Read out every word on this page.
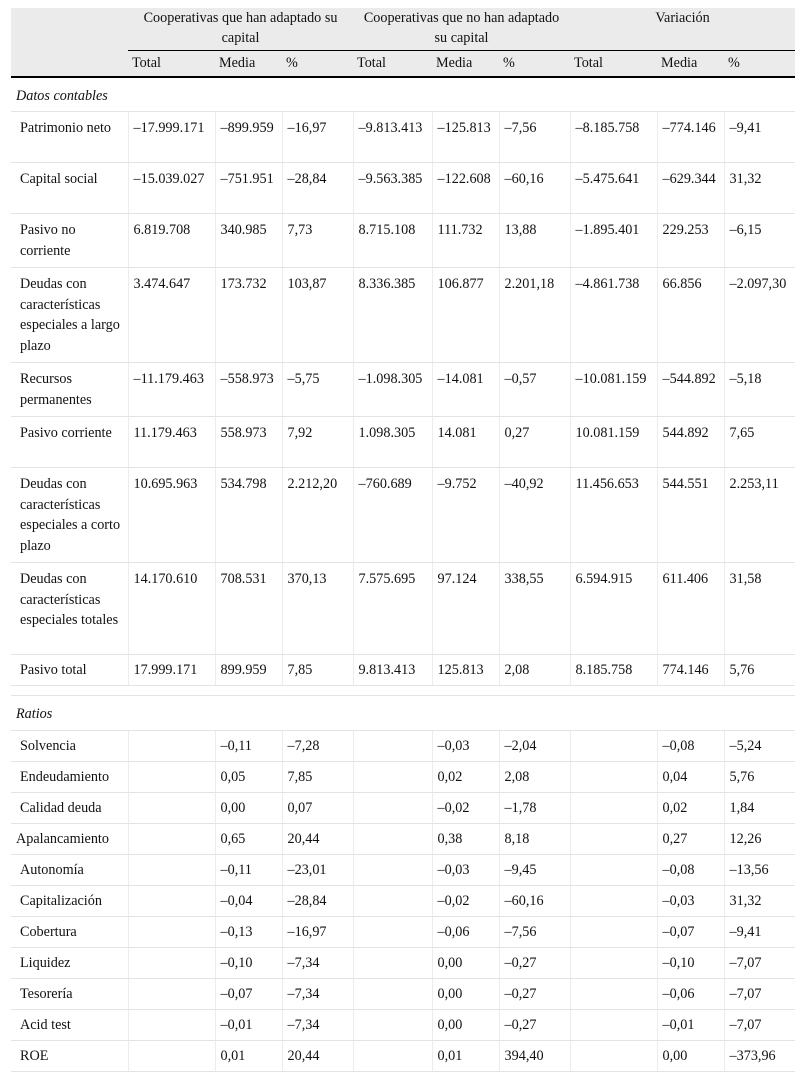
	Cooperativas que han adaptado su capital			Cooperativas que no han adaptado su capital			Variación		
	Total	Media	%	Total	Media	%	Total	Media	%
Datos contables									
Patrimonio neto	–17.999.171	–899.959	–16,97	–9.813.413	–125.813	–7,56	–8.185.758	–774.146	–9,41
Capital social	–15.039.027	–751.951	–28,84	–9.563.385	–122.608	–60,16	–5.475.641	–629.344	31,32
Pasivo no corriente	6.819.708	340.985	7,73	8.715.108	111.732	13,88	–1.895.401	229.253	–6,15
Deudas con características especiales a largo plazo	3.474.647	173.732	103,87	8.336.385	106.877	2.201,18	–4.861.738	66.856	–2.097,30
Recursos permanentes	–11.179.463	–558.973	–5,75	–1.098.305	–14.081	–0,57	–10.081.159	–544.892	–5,18
Pasivo corriente	11.179.463	558.973	7,92	1.098.305	14.081	0,27	10.081.159	544.892	7,65
Deudas con características especiales a corto plazo	10.695.963	534.798	2.212,20	–760.689	–9.752	–40,92	11.456.653	544.551	2.253,11
Deudas con características especiales totales	14.170.610	708.531	370,13	7.575.695	97.124	338,55	6.594.915	611.406	31,58
Pasivo total	17.999.171	899.959	7,85	9.813.413	125.813	2,08	8.185.758	774.146	5,76

Ratios									
Solvencia		–0,11	–7,28		–0,03	–2,04		–0,08	–5,24
Endeudamiento		0,05	7,85		0,02	2,08		0,04	5,76
Calidad deuda		0,00	0,07		–0,02	–1,78		0,02	1,84
Apalancamiento		0,65	20,44		0,38	8,18		0,27	12,26
Autonomía		–0,11	–23,01		–0,03	–9,45		–0,08	–13,56
Capitalización		–0,04	–28,84		–0,02	–60,16		–0,03	31,32
Cobertura		–0,13	–16,97		–0,06	–7,56		–0,07	–9,41
Liquidez		–0,10	–7,34		0,00	–0,27		–0,10	–7,07
Tesorería		–0,07	–7,34		0,00	–0,27		–0,06	–7,07
Acid test		–0,01	–7,34		0,00	–0,27		–0,01	–7,07
ROE		0,01	20,44		0,01	394,40		0,00	–373,96
